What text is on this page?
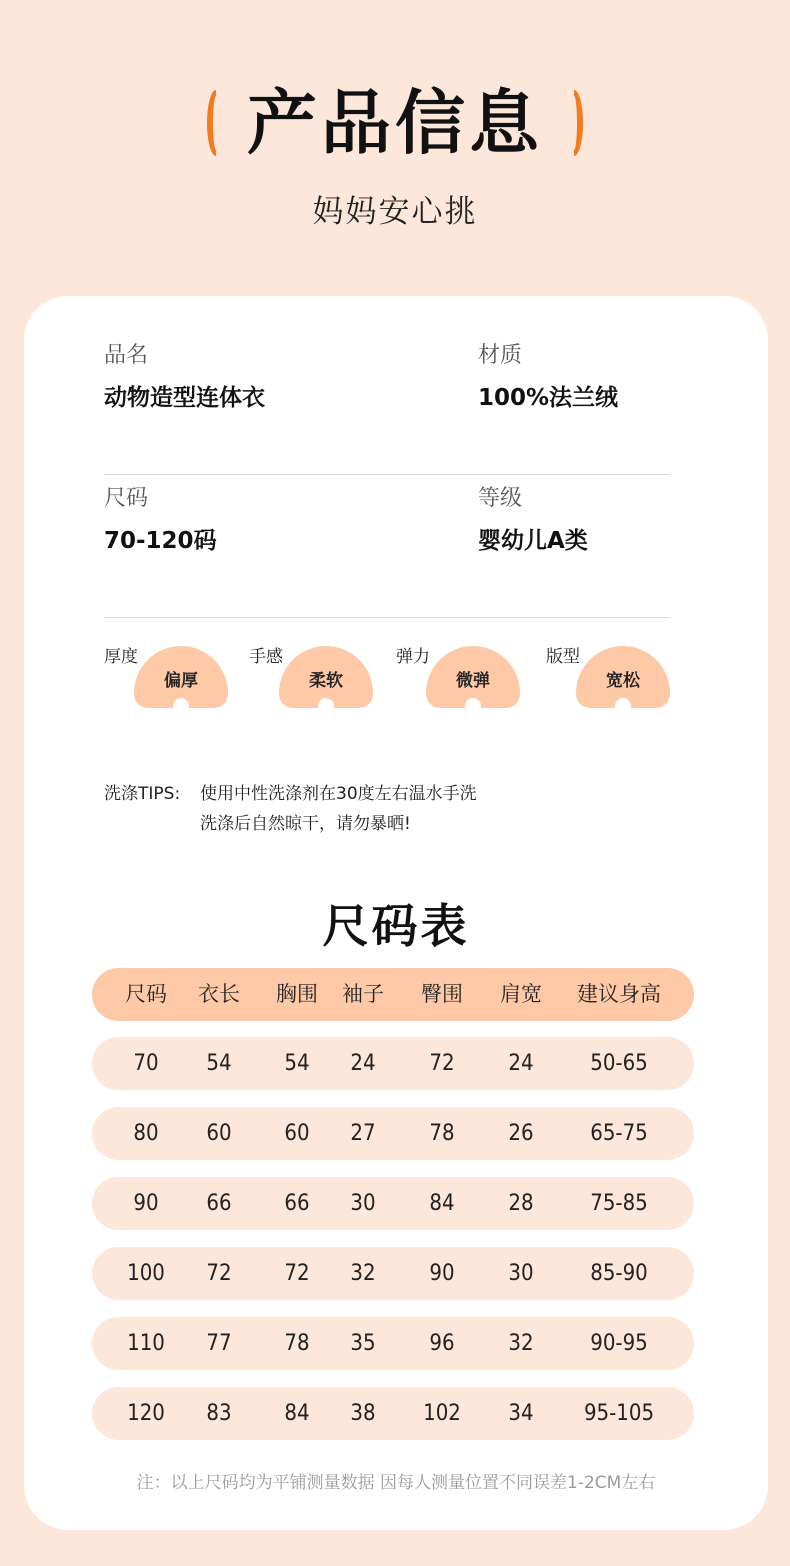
产品信息
妈妈安心挑
品名
动物造型连体衣
材质
100%法兰绒
尺码
70-120码
等级
婴幼儿A类
厚度
偏厚
手感
柔软
弹力
微弹
版型
宽松
洗涤TIPS: 使用中性洗涤剂在30度左右温水手洗
洗涤后自然晾干，请勿暴晒!
尺码表
尺码 衣长 胸围 袖子 臀围 肩宽 建议身高
70 54 54 24 72 24	50-65
80 60 60 27 78 26	65-75
90 66 66 30 84 28	75-85
100 72 72 32 90 30	85-90
110 77 78 35 96 32	90-95
120 83 84 38 102 34 95-105
注：以上尺码均为平铺测量数据 因每人测量位置不同误差1-2CM左右
